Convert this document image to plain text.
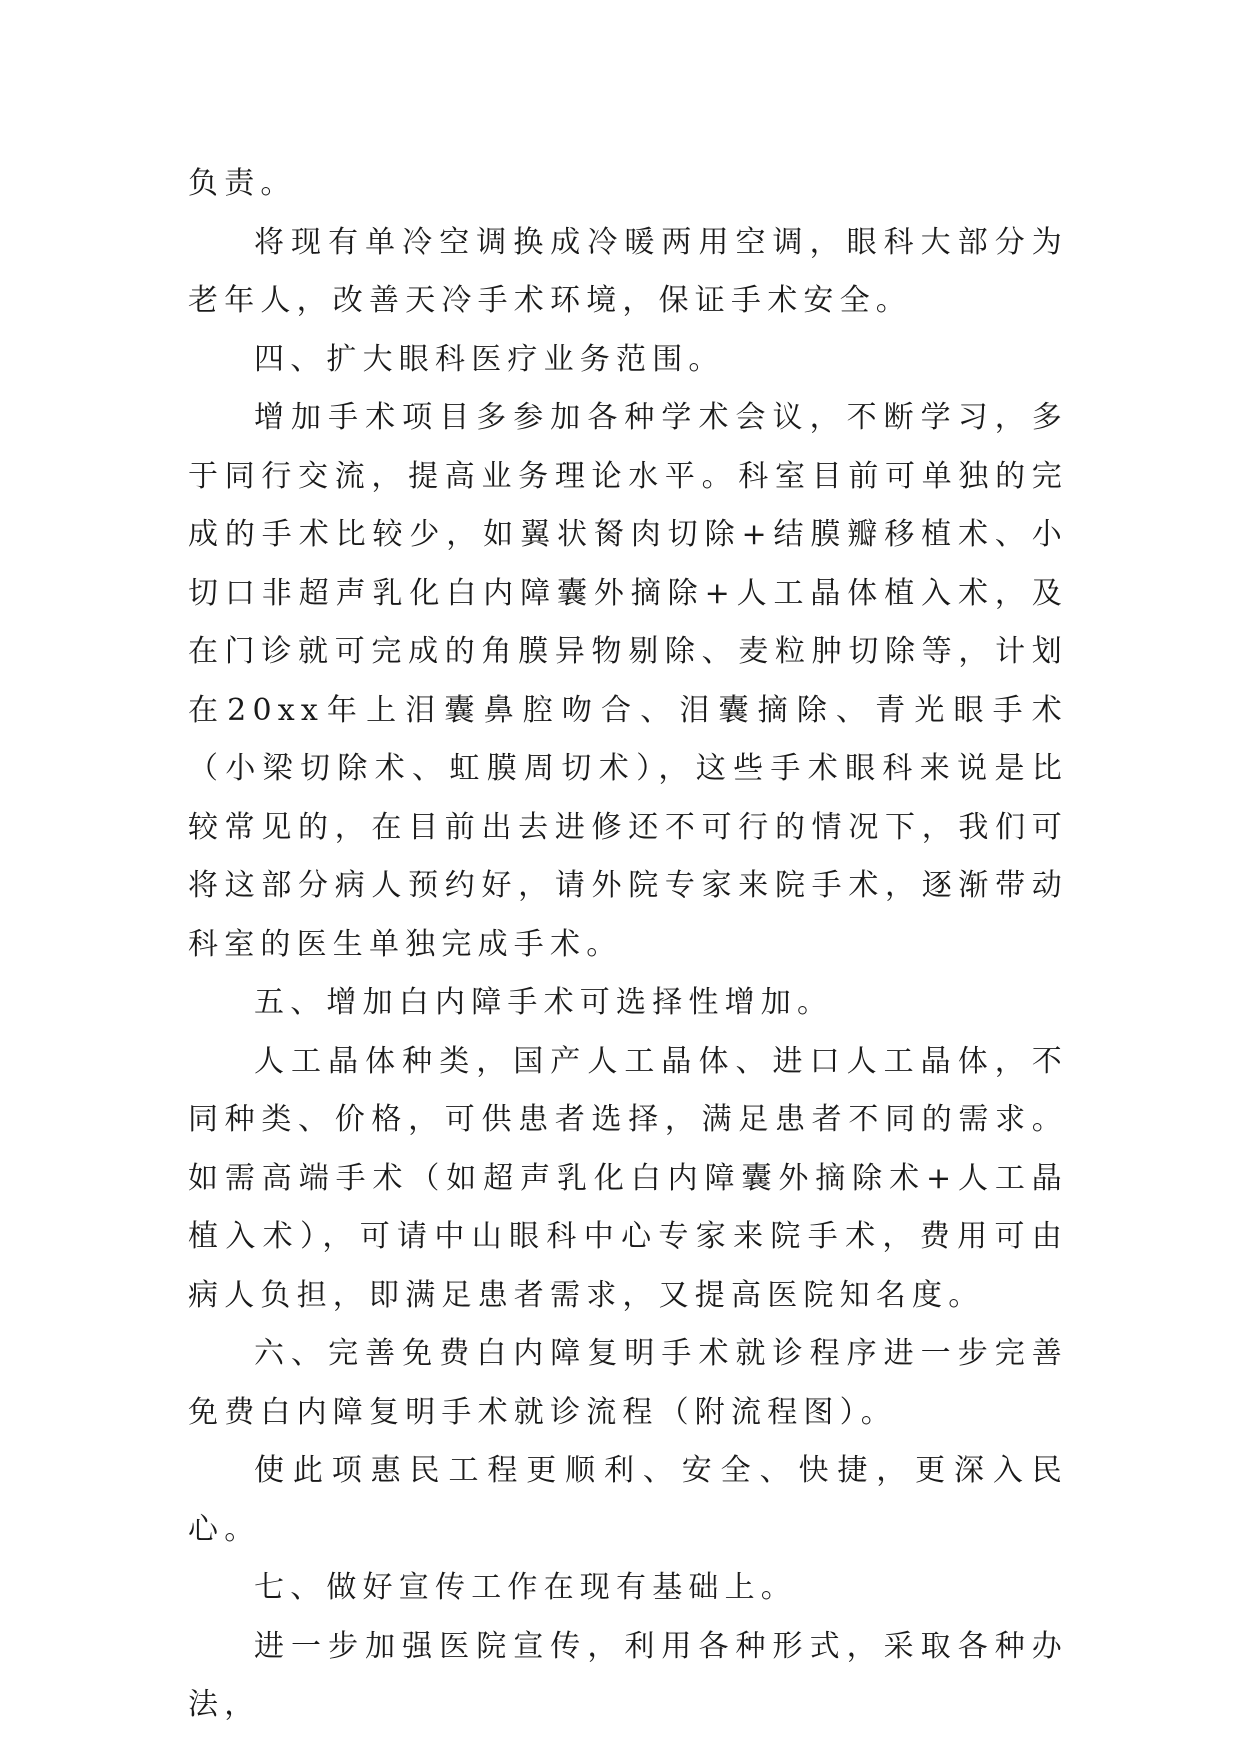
负责。

将现有单冷空调换成冷暖两用空调，眼科大部分为老年人，改善天冷手术环境，保证手术安全。

四、扩大眼科医疗业务范围。

增加手术项目多参加各种学术会议，不断学习，多于同行交流，提高业务理论水平。科室目前可单独的完成的手术比较少，如翼状胬肉切除+结膜瓣移植术、小切口非超声乳化白内障囊外摘除+人工晶体植入术，及在门诊就可完成的角膜异物剔除、麦粒肿切除等，计划在20xx年上泪囊鼻腔吻合、泪囊摘除、青光眼手术（小梁切除术、虹膜周切术），这些手术眼科来说是比较常见的，在目前出去进修还不可行的情况下，我们可将这部分病人预约好，请外院专家来院手术，逐渐带动科室的医生单独完成手术。

五、增加白内障手术可选择性增加。

人工晶体种类，国产人工晶体、进口人工晶体，不同种类、价格，可供患者选择，满足患者不同的需求。如需高端手术（如超声乳化白内障囊外摘除术+人工晶植入术），可请中山眼科中心专家来院手术，费用可由病人负担，即满足患者需求，又提高医院知名度。

六、完善免费白内障复明手术就诊程序进一步完善免费白内障复明手术就诊流程（附流程图）。

使此项惠民工程更顺利、安全、快捷，更深入民心。

七、做好宣传工作在现有基础上。

进一步加强医院宣传，利用各种形式，采取各种办法，
